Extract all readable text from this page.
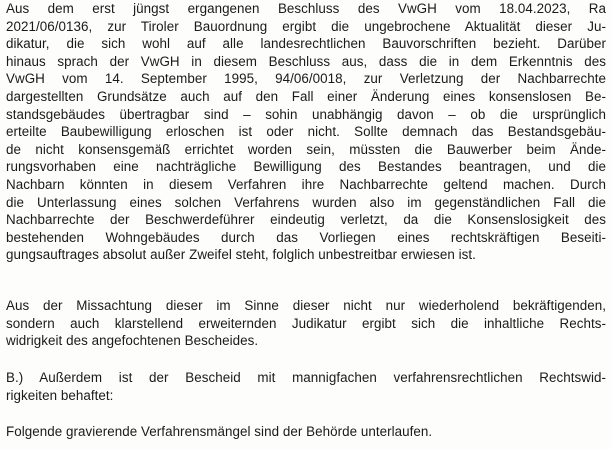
Aus dem erst jüngst ergangenen Beschluss des VwGH vom 18.04.2023, Ra
2021/06/0136, zur Tiroler Bauordnung ergibt die ungebrochene Aktualität dieser Ju-
dikatur, die sich wohl auf alle landesrechtlichen Bauvorschriften bezieht. Darüber
hinaus sprach der VwGH in diesem Beschluss aus, dass die in dem Erkenntnis des
VwGH vom 14. September 1995, 94/06/0018, zur Verletzung der Nachbarrechte
dargestellten Grundsätze auch auf den Fall einer Änderung eines konsenslosen Be-
standsgebäudes übertragbar sind – sohin unabhängig davon – ob die ursprünglich
erteilte Baubewilligung erloschen ist oder nicht. Sollte demnach das Bestandsgebäu-
de nicht konsensgemäß errichtet worden sein, müssten die Bauwerber beim Ände-
rungsvorhaben eine nachträgliche Bewilligung des Bestandes beantragen, und die
Nachbarn könnten in diesem Verfahren ihre Nachbarrechte geltend machen. Durch
die Unterlassung eines solchen Verfahrens wurden also im gegenständlichen Fall die
Nachbarrechte der Beschwerdeführer eindeutig verletzt, da die Konsenslosigkeit des
bestehenden Wohngebäudes durch das Vorliegen eines rechtskräftigen Beseiti-
gungsauftrages absolut außer Zweifel steht, folglich unbestreitbar erwiesen ist.
Aus der Missachtung dieser im Sinne dieser nicht nur wiederholend bekräftigenden,
sondern auch klarstellend erweiternden Judikatur ergibt sich die inhaltliche Rechts-
widrigkeit des angefochtenen Bescheides.
B.) Außerdem ist der Bescheid mit mannigfachen verfahrensrechtlichen Rechtswid-
rigkeiten behaftet:
Folgende gravierende Verfahrensmängel sind der Behörde unterlaufen.
